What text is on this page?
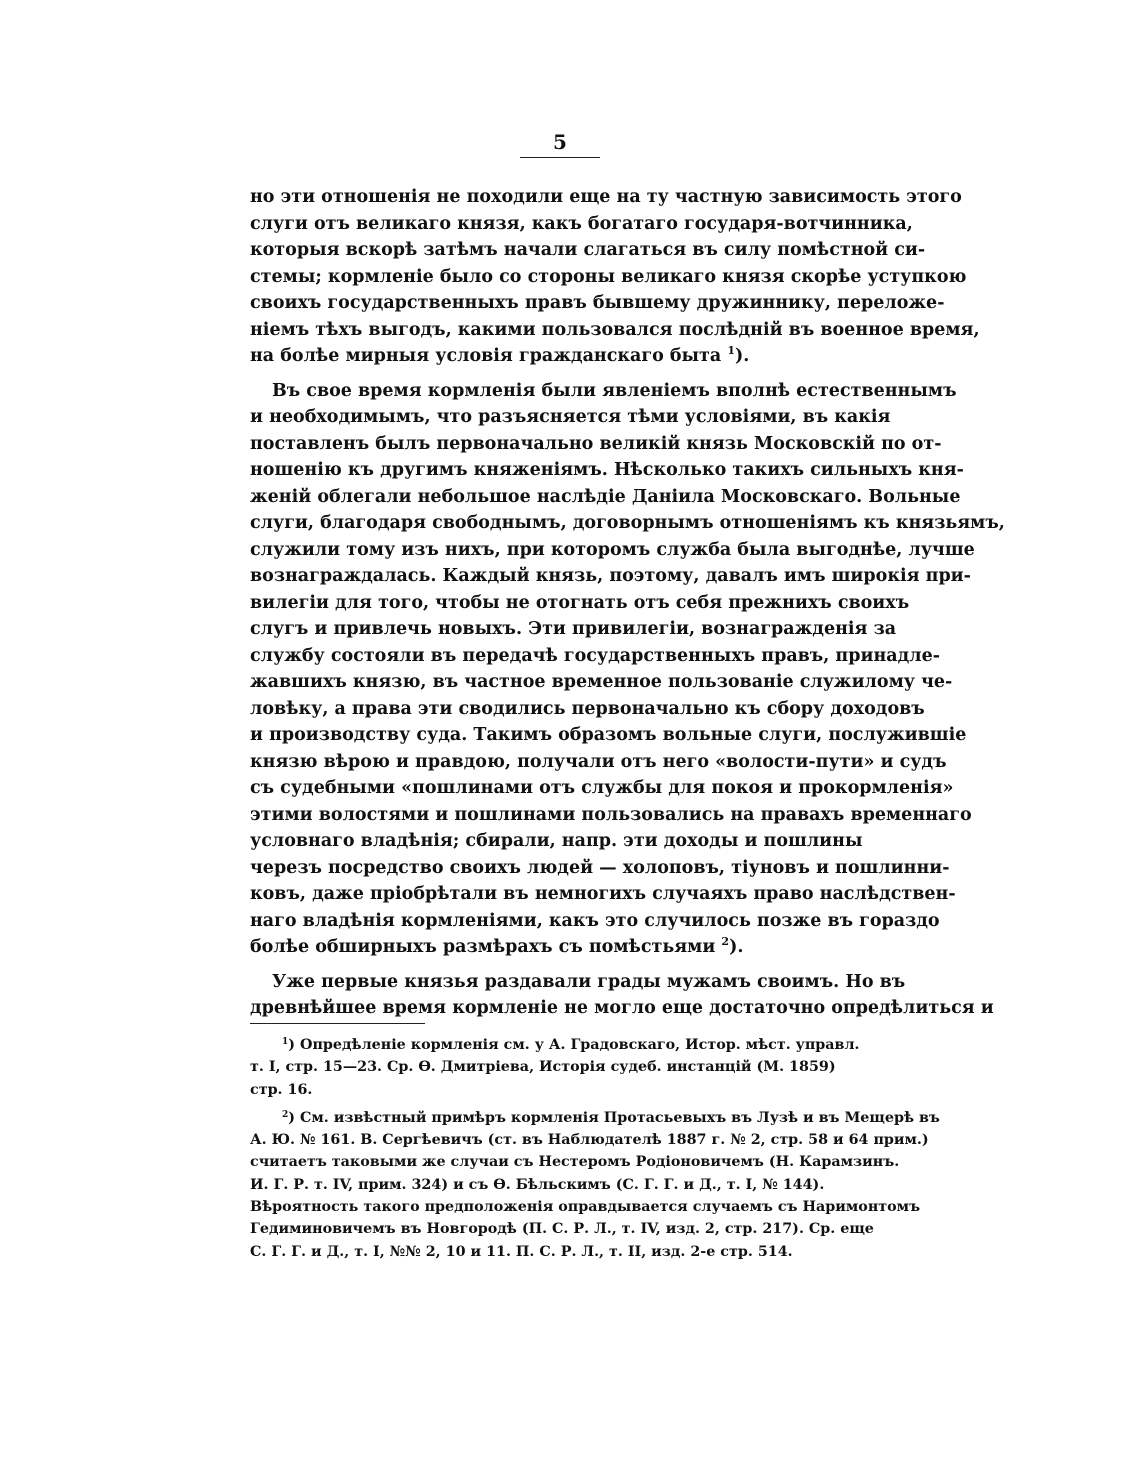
5
но эти отношенія не походили еще на ту частную зависимость этого
слуги отъ великаго князя, какъ богатаго государя-вотчинника,
которыя вскорѣ затѣмъ начали слагаться въ силу помѣстной си-
стемы; кормленіе было со стороны великаго князя скорѣе уступкою
своихъ государственныхъ правъ бывшему дружиннику, переложе-
ніемъ тѣхъ выгодъ, какими пользовался послѣдній въ военное время,
на болѣе мирныя условія гражданскаго быта $^1$).
Въ свое время кормленія были явленіемъ вполнѣ естественнымъ
и необходимымъ, что разъясняется тѣми условіями, въ какія
поставленъ былъ первоначально великій князь Московскій по от-
ношенію къ другимъ княженіямъ. Нѣсколько такихъ сильныхъ кня-
женій облегали небольшое наслѣдіе Даніила Московскаго. Вольные
слуги, благодаря свободнымъ, договорнымъ отношеніямъ къ князьямъ,
служили тому изъ нихъ, при которомъ служба была выгоднѣе, лучше
вознаграждалась. Каждый князь, поэтому, давалъ имъ широкія при-
вилегіи для того, чтобы не отогнать отъ себя прежнихъ своихъ
слугъ и привлечь новыхъ. Эти привилегіи, вознагражденія за
службу состояли въ передачѣ государственныхъ правъ, принадле-
жавшихъ князю, въ частное временное пользованіе служилому че-
ловѣку, а права эти сводились первоначально къ сбору доходовъ
и производству суда. Такимъ образомъ вольные слуги, послужившіе
князю вѣрою и правдою, получали отъ него «волости-пути» и судъ
съ судебными «пошлинами отъ службы для покоя и прокормленія»
этими волостями и пошлинами пользовались на правахъ временнаго
условнаго владѣнія; сбирали, напр. эти доходы и пошлины
черезъ посредство своихъ людей — холоповъ, тіуновъ и пошлинни-
ковъ, даже пріобрѣтали въ немногихъ случаяхъ право наслѣдствен-
наго владѣнія кормленіями, какъ это случилось позже въ гораздо
болѣе обширныхъ размѣрахъ съ помѣстьями $^2$).
Уже первые князья раздавали грады мужамъ своимъ. Но въ
древнѣйшее время кормленіе не могло еще достаточно опредѣлиться и
$^1$) Опредѣленіе кормленія см. у А. Градовскаго, Истор. мѣст. управл.
т. I, стр. 15—23. Ср. Ѳ. Дмитріева, Исторія судеб. инстанцій (М. 1859)
стр. 16.
$^2$) См. извѣстный примѣръ кормленія Протасьевыхъ въ Лузѣ и въ Мещерѣ въ
А. Ю. № 161. В. Сергѣевичъ (ст. въ Наблюдателѣ 1887 г. № 2, стр. 58 и 64 прим.)
считаетъ таковыми же случаи съ Нестеромъ Родіоновичемъ (Н. Карамзинъ.
И. Г. Р. т. IV, прим. 324) и съ Ѳ. Бѣльскимъ (С. Г. Г. и Д., т. I, № 144).
Вѣроятность такого предположенія оправдывается случаемъ съ Наримонтомъ
Гедиминовичемъ въ Новгородѣ (П. С. Р. Л., т. IV, изд. 2, стр. 217). Ср. еще
С. Г. Г. и Д., т. I, №№ 2, 10 и 11. П. С. Р. Л., т. II, изд. 2-е стр. 514.
